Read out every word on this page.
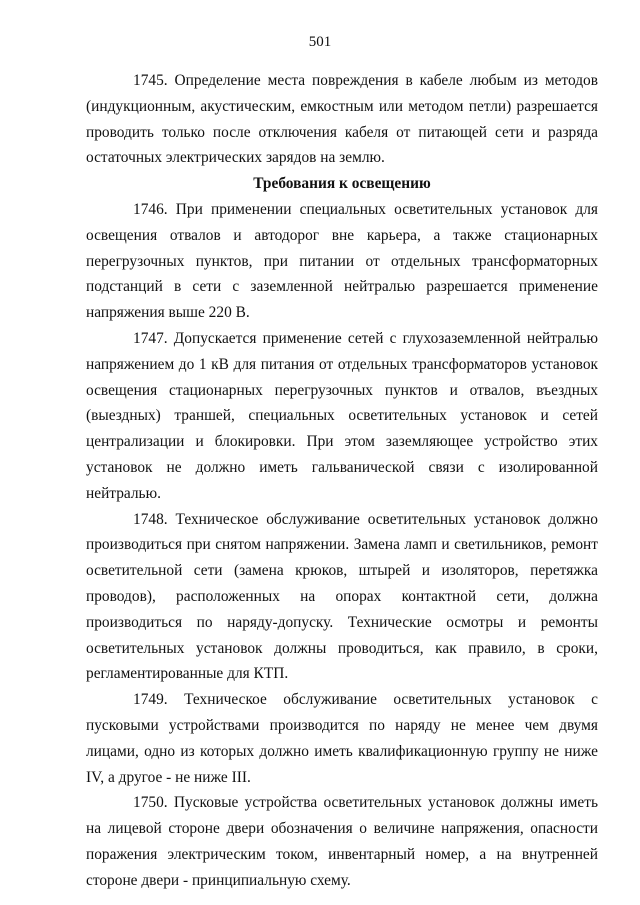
501

1745. Определение места повреждения в кабеле любым из методов (индукционным, акустическим, емкостным или методом петли) разрешается проводить только после отключения кабеля от питающей сети и разряда остаточных электрических зарядов на землю.

Требования к освещению

1746. При применении специальных осветительных установок для освещения отвалов и автодорог вне карьера, а также стационарных перегрузочных пунктов, при питании от отдельных трансформаторных подстанций в сети с заземленной нейтралью разрешается применение напряжения выше 220 В.

1747. Допускается применение сетей с глухозаземленной нейтралью напряжением до 1 кВ для питания от отдельных трансформаторов установок освещения стационарных перегрузочных пунктов и отвалов, въездных (выездных) траншей, специальных осветительных установок и сетей централизации и блокировки. При этом заземляющее устройство этих установок не должно иметь гальванической связи с изолированной нейтралью.

1748. Техническое обслуживание осветительных установок должно производиться при снятом напряжении. Замена ламп и светильников, ремонт осветительной сети (замена крюков, штырей и изоляторов, перетяжка проводов), расположенных на опорах контактной сети, должна производиться по наряду-допуску. Технические осмотры и ремонты осветительных установок должны проводиться, как правило, в сроки, регламентированные для КТП.

1749. Техническое обслуживание осветительных установок с пусковыми устройствами производится по наряду не менее чем двумя лицами, одно из которых должно иметь квалификационную группу не ниже IV, а другое - не ниже III.

1750. Пусковые устройства осветительных установок должны иметь на лицевой стороне двери обозначения о величине напряжения, опасности поражения электрическим током, инвентарный номер, а на внутренней стороне двери - принципиальную схему.
